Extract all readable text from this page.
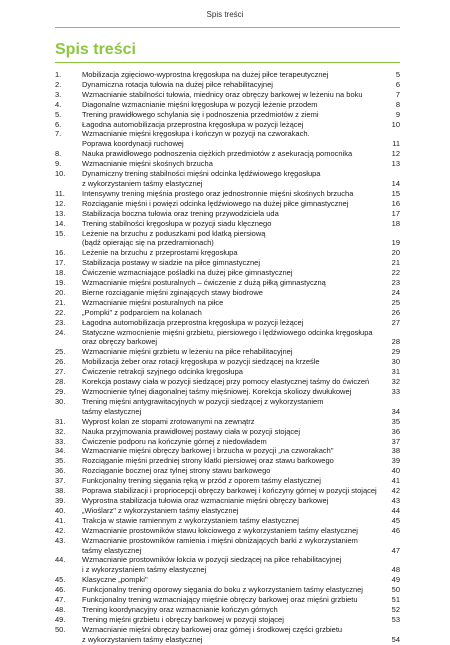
Spis treści
Spis treści
1.	Mobilizacja zgięciowo-wyprostna kręgosłupa na dużej piłce terapeutycznej	5
2.	Dynamiczna rotacja tułowia na dużej piłce rehabilitacyjnej	6
3.	Wzmacnianie stabilności tułowia, miednicy oraz obręczy barkowej w leżeniu na boku	7
4.	Diagonalne wzmacnianie mięśni kręgosłupa w pozycji leżenie przodem	8
5.	Trening prawidłowego schylania się i podnoszenia przedmiotów z ziemi	9
6.	Łagodna automobilizacja przeprostna kręgosłupa w pozycji leżącej	10
7.	Wzmacnianie mięśni kręgosłupa i kończyn w pozycji na czworakach.
Poprawa koordynacji ruchowej	11
8.	Nauka prawidłowego podnoszenia ciężkich przedmiotów z asekuracją pomocnika	12
9.	Wzmacnianie mięśni skośnych brzucha	13
10.	Dynamiczny trening stabilności mięśni odcinka lędźwiowego kręgosłupa
z wykorzystaniem taśmy elastycznej	14
11.	Intensywny trening mięśnia prostego oraz jednostronnie mięśni skośnych brzucha	15
12.	Rozciąganie mięśni i powięzi odcinka lędźwiowego na dużej piłce gimnastycznej	16
13.	Stabilizacja boczna tułowia oraz trening przywodziciela uda	17
14.	Trening stabilności kręgosłupa w pozycji siadu klęcznego	18
15.	Leżenie na brzuchu z poduszkami pod klatką piersiową
(bądź opierając się na przedramionach)	19
16.	Leżenie na brzuchu z przeprostami kręgosłupa	20
17.	Stabilizacja postawy w siadzie na piłce gimnastycznej	21
18.	Ćwiczenie wzmacniające pośladki na dużej piłce gimnastycznej	22
19.	Wzmacnianie mięśni posturalnych – ćwiczenie z dużą piłką gimnastyczną	23
20.	Bierne rozciąganie mięśni zginających stawy biodrowe	24
21.	Wzmacnianie mięśni posturalnych na piłce	25
22.	„Pompki" z podparciem na kolanach	26
23.	Łagodna automobilizacja przeprostna kręgosłupa w pozycji leżącej	27
24.	Statyczne wzmocnienie mięśni grzbietu, piersiowego i lędźwiowego odcinka kręgosłupa
oraz obręczy barkowej	28
25.	Wzmacnianie mięśni grzbietu w leżeniu na piłce rehabilitacyjnej	29
26.	Mobilizacja żeber oraz rotacji kręgosłupa w pozycji siedzącej na krześle	30
27.	Ćwiczenie retrakcji szyjnego odcinka kręgosłupa	31
28.	Korekcja postawy ciała w pozycji siedzącej przy pomocy elastycznej taśmy do ćwiczeń	32
29.	Wzmocnienie tylnej diagonalnej taśmy mięśniowej. Korekcja skoliozy dwułukowej	33
30.	Trening mięśni antygrawitacyjnych w pozycji siedzącej z wykorzystaniem
taśmy elastycznej	34
31.	Wyprost kolan ze stopami zrotowanymi na zewnątrz	35
32.	Nauka przyjmowania prawidłowej postawy ciała w pozycji stojącej	36
33.	Ćwiczenie podporu na kończynie górnej z niedowładem	37
34.	Wzmacnianie mięśni obręczy barkowej i brzucha w pozycji „na czworakach"	38
35.	Rozciąganie mięśni przedniej strony klatki piersiowej oraz stawu barkowego	39
36.	Rozciąganie bocznej oraz tylnej strony stawu barkowego	40
37.	Funkcjonalny trening sięgania ręką w przód z oporem taśmy elastycznej	41
38.	Poprawa stabilizacji i propriocepcji obręczy barkowej i kończyny górnej w pozycji stojącej	42
39.	Wyprostna stabilizacja tułowia oraz wzmacnianie mięśni obręczy barkowej	43
40.	„Wioślarz" z wykorzystaniem taśmy elastycznej	44
41.	Trakcja w stawie ramiennym z wykorzystaniem taśmy elastycznej	45
42.	Wzmacnianie prostowników stawu łokciowego z wykorzystaniem taśmy elastycznej	46
43.	Wzmacnianie prostowników ramienia i mięśni obniżających barki z wykorzystaniem
taśmy elastycznej	47
44.	Wzmacnianie prostowników łokcia w pozycji siedzącej na piłce rehabilitacyjnej
i z wykorzystaniem taśmy elastycznej	48
45.	Klasyczne „pompki"	49
46.	Funkcjonalny trening oporowy sięgania do boku z wykorzystaniem taśmy elastycznej	50
47.	Funkcjonalny trening wzmacniający mięśnie obręczy barkowej oraz mięśni grzbietu	51
48.	Trening koordynacyjny oraz wzmacnianie kończyn górnych	52
49.	Trening mięśni grzbietu i obręczy barkowej w pozycji stojącej	53
50.	Wzmacnianie mięśni obręczy barkowej oraz górnej i środkowej części grzbietu
z wykorzystaniem taśmy elastycznej	54
